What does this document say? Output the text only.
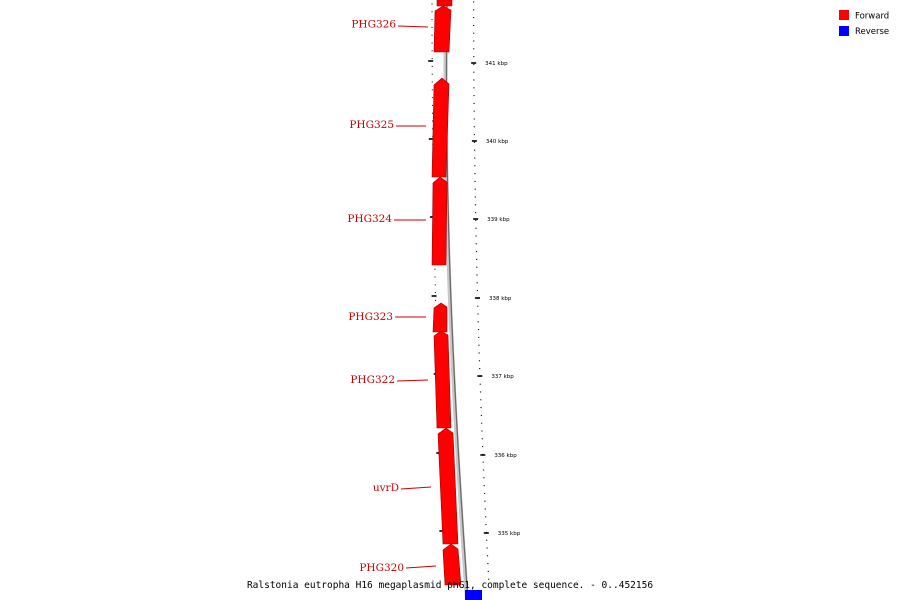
341 kbp
340 kbp
339 kbp
338 kbp
337 kbp
336 kbp
335 kbp
PHG326
PHG325
PHG324
PHG323
PHG322
uvrD
PHG320
Forward
Reverse
Ralstonia eutropha H16 megaplasmid pHG1, complete sequence. - 0..452156
